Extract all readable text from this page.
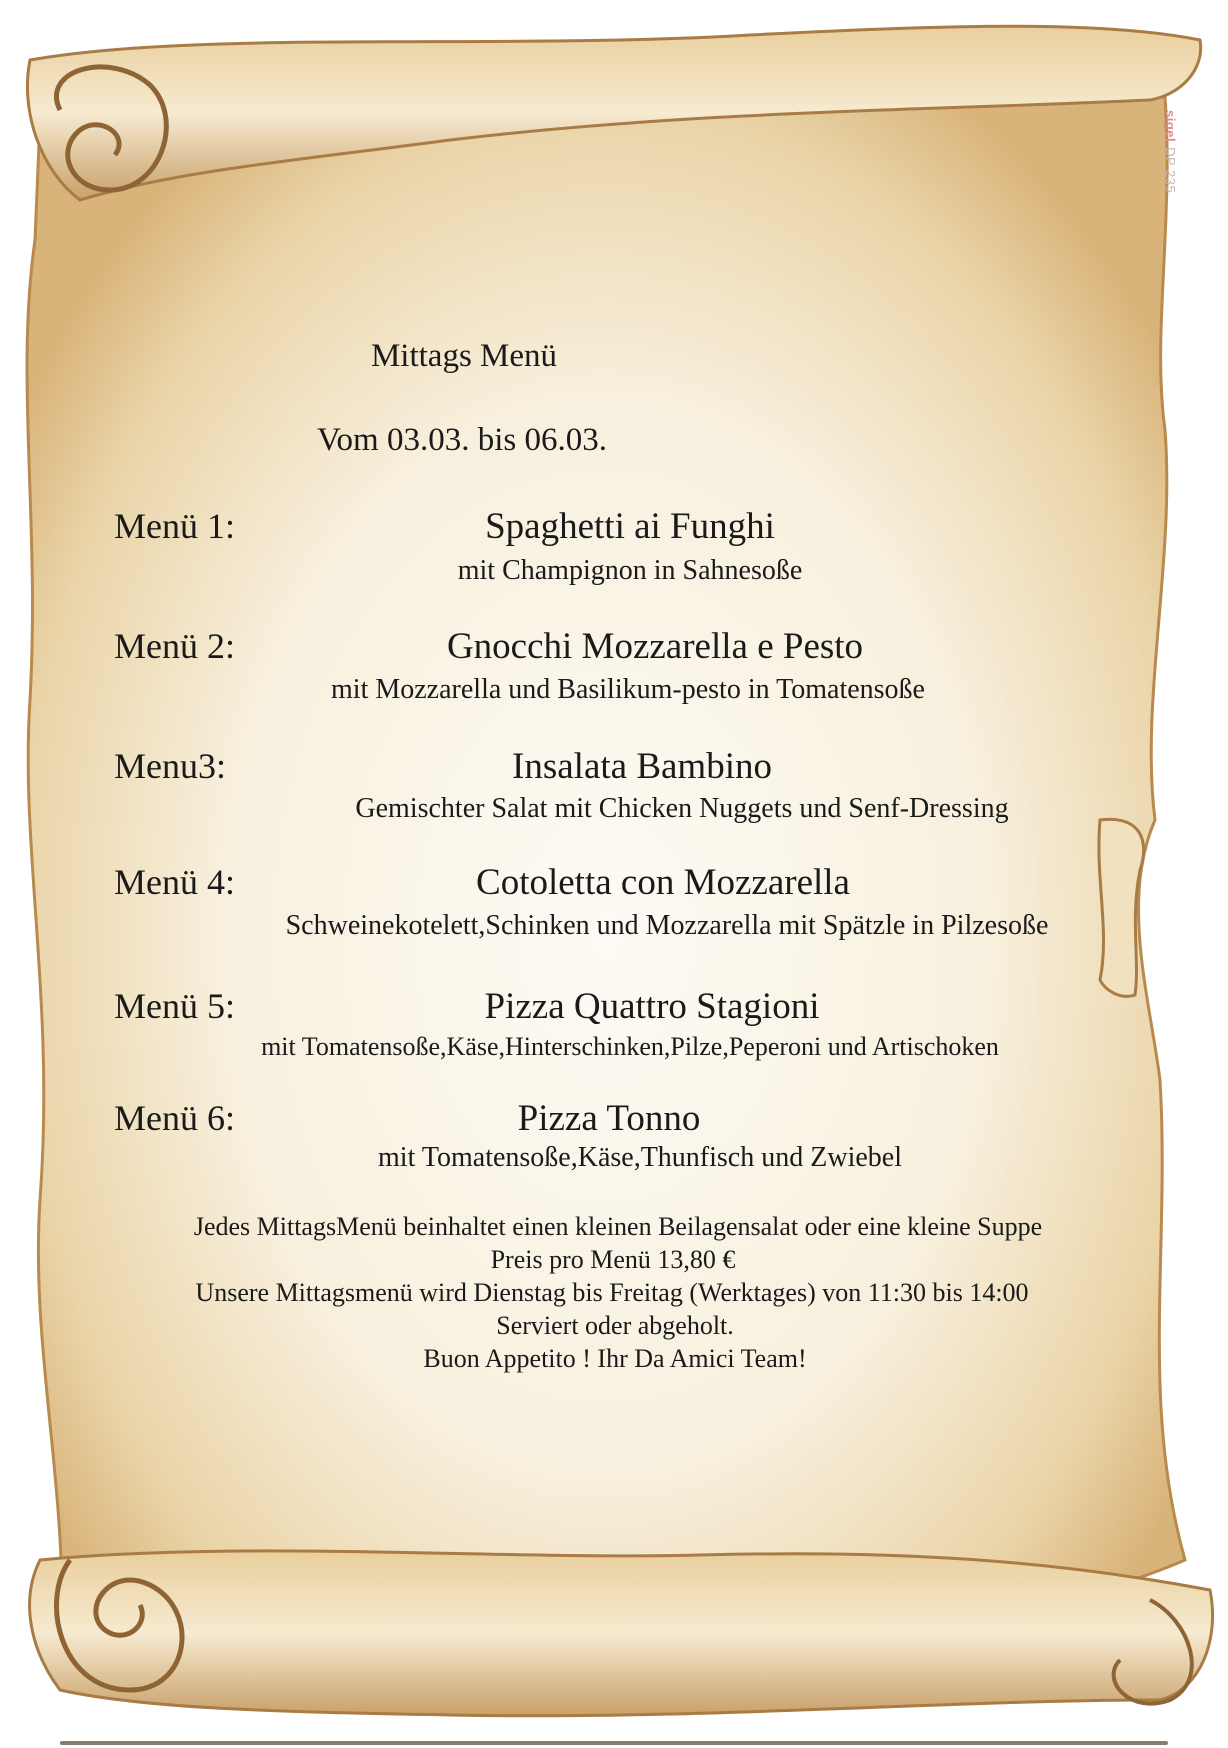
sigelDP 235
Mittags Menü
Vom 03.03. bis 06.03.
Menü 1:	Spaghetti ai Funghi
mit Champignon in Sahnesoße
Menü 2:	Gnocchi Mozzarella e Pesto
mit Mozzarella und Basilikum-pesto in Tomatensoße
Menu3:	Insalata Bambino
Gemischter Salat mit Chicken Nuggets und Senf-Dressing
Menü 4:	Cotoletta con Mozzarella
Schweinekotelett,Schinken und Mozzarella mit Spätzle in Pilzesoße
Menü 5:	Pizza Quattro Stagioni
mit Tomatensoße,Käse,Hinterschinken,Pilze,Peperoni und Artischoken
Menü 6:	Pizza Tonno
mit Tomatensoße,Käse,Thunfisch und Zwiebel
Jedes MittagsMenü beinhaltet einen kleinen Beilagensalat oder eine kleine Suppe
Preis pro Menü 13,80 €
Unsere Mittagsmenü wird Dienstag bis Freitag (Werktages) von 11:30 bis 14:00
Serviert oder abgeholt.
Buon Appetito ! Ihr Da Amici Team!
